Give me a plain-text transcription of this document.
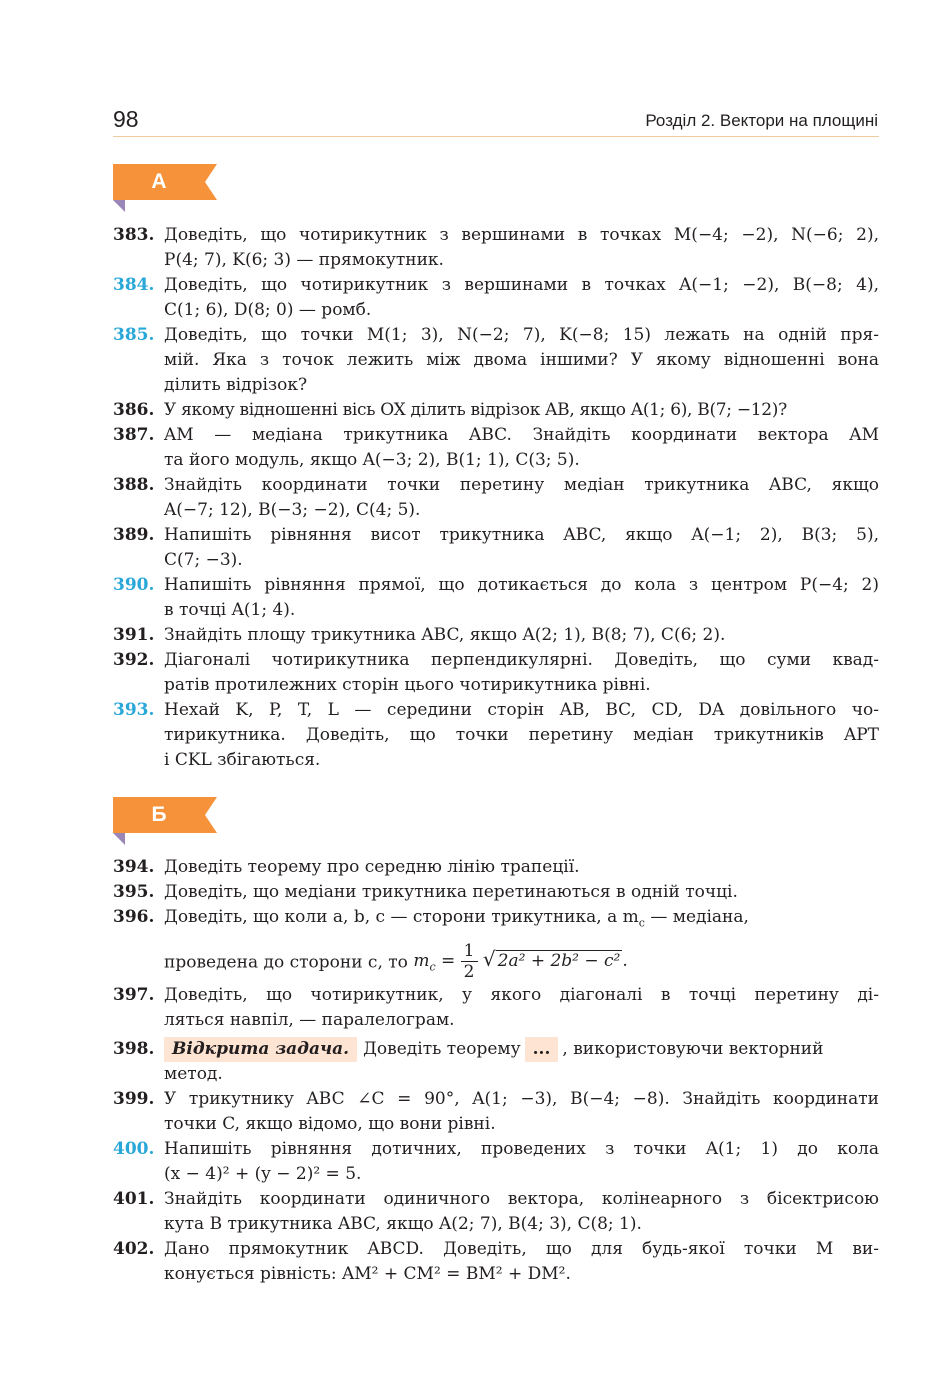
98	Розділ 2. Вектори на площині
А
383. Доведіть, що чотирикутник з вершинами в точках M(−4; −2), N(−6; 2),
P(4; 7), K(6; 3) — прямокутник.
384. Доведіть, що чотирикутник з вершинами в точках A(−1; −2), B(−8; 4),
C(1; 6), D(8; 0) — ромб.
385. Доведіть, що точки M(1; 3), N(−2; 7), K(−8; 15) лежать на одній пря-
мій. Яка з точок лежить між двома іншими? У якому відношенні вона
ділить відрізок?
386. У якому відношенні вісь OX ділить відрізок AB, якщо A(1; 6), B(7; −12)?
387. AM — медіана трикутника ABC. Знайдіть координати вектора AM
та його модуль, якщо A(−3; 2), B(1; 1), C(3; 5).
388. Знайдіть координати точки перетину медіан трикутника ABC, якщо
A(−7; 12), B(−3; −2), C(4; 5).
389. Напишіть рівняння висот трикутника ABC, якщо A(−1; 2), B(3; 5),
C(7; −3).
390. Напишіть рівняння прямої, що дотикається до кола з центром P(−4; 2)
в точці A(1; 4).
391. Знайдіть площу трикутника ABC, якщо A(2; 1), B(8; 7), C(6; 2).
392. Діагоналі чотирикутника перпендикулярні. Доведіть, що суми квад-
ратів протилежних сторін цього чотирикутника рівні.
393. Нехай K, P, T, L — середини сторін AB, BC, CD, DA довільного чо-
тирикутника. Доведіть, що точки перетину медіан трикутників APT
і CKL збігаються.
Б
394. Доведіть теорему про середню лінію трапеції.
395. Доведіть, що медіани трикутника перетинаються в одній точці.
396. Доведіть, що коли a, b, c — сторони трикутника, а $m_c$ — медіана,
проведена до сторони c, то $m_c = \frac{1}{2}$ √ 2a² + 2b² − c² .
397. Доведіть, що чотирикутник, у якого діагоналі в точці перетину ді-
ляться навпіл, — паралелограм.
398.	Відкрита задача. Доведіть теорему ... , використовуючи векторний
метод.
399. У трикутнику ABC ∠C = 90°, A(1; −3), B(−4; −8). Знайдіть координати
точки C, якщо відомо, що вони рівні.
400. Напишіть рівняння дотичних, проведених з точки A(1; 1) до кола
(x − 4)² + (y − 2)² = 5.
401. Знайдіть координати одиничного вектора, колінеарного з бісектрисою
кута B трикутника ABC, якщо A(2; 7), B(4; 3), C(8; 1).
402. Дано прямокутник ABCD. Доведіть, що для будь-якої точки M ви-
конується рівність: AM² + CM² = BM² + DM².
